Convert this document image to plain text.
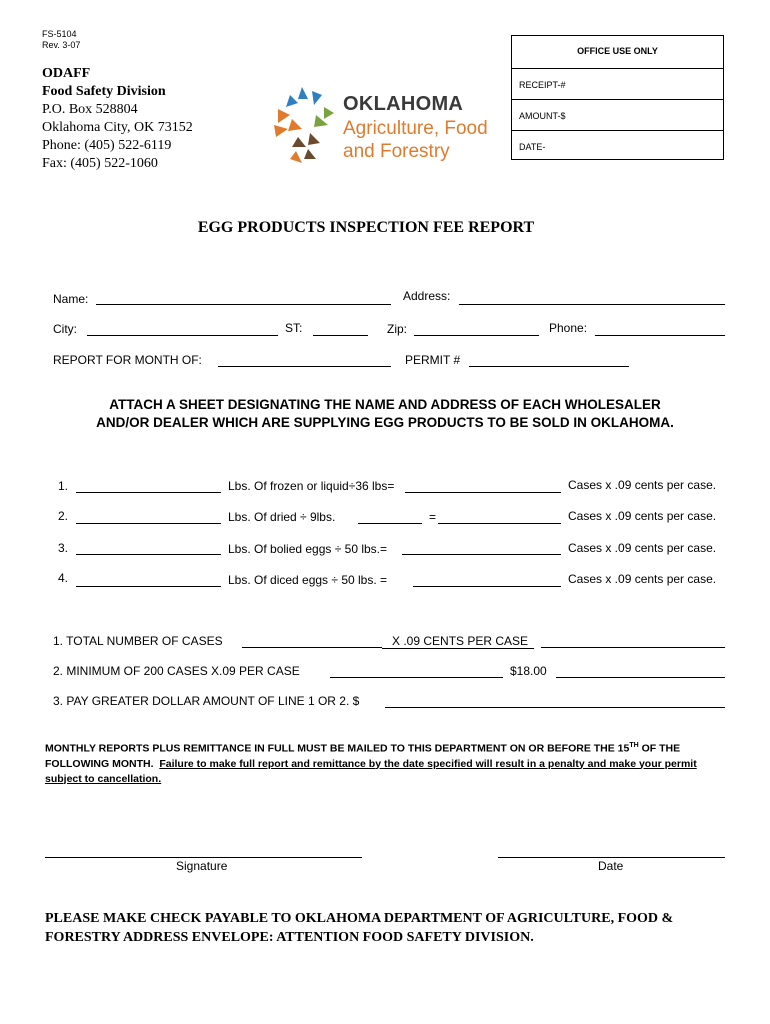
FS-5104
Rev. 3-07
OFFICE USE ONLY
RECEIPT-#
AMOUNT-$
DATE-
ODAFF
Food Safety Division
P.O. Box 528804
Oklahoma City, OK 73152
Phone: (405) 522-6119
Fax: (405) 522-1060
OKLAHOMA
Agriculture, Food
and Forestry
EGG PRODUCTS INSPECTION FEE REPORT
Name:	Address:
City:	ST:	Zip:	Phone:
REPORT FOR MONTH OF:	PERMIT #
ATTACH A SHEET DESIGNATING THE NAME AND ADDRESS OF EACH WHOLESALER
AND/OR DEALER WHICH ARE SUPPLYING EGG PRODUCTS TO BE SOLD IN OKLAHOMA.
1.	Lbs. Of frozen or liquid÷36 lbs=	Cases x .09 cents per case.
2.	Lbs. Of dried ÷ 9lbs.	=	Cases x .09 cents per case.
3.	Lbs. Of bolied eggs ÷ 50 lbs.=	Cases x .09 cents per case.
4.	Lbs. Of diced eggs ÷ 50 lbs. =	Cases x .09 cents per case.
1. TOTAL NUMBER OF CASES	X .09 CENTS PER CASE
2. MINIMUM OF 200 CASES X.09 PER CASE	$18.00
3. PAY GREATER DOLLAR AMOUNT OF LINE 1 OR 2. $
MONTHLY REPORTS PLUS REMITTANCE IN FULL MUST BE MAILED TO THIS DEPARTMENT ON OR BEFORE THE 15TH OF THE FOLLOWING MONTH. Failure to make full report and remittance by the date specified will result in a penalty and make your permit subject to cancellation.
Signature	Date
PLEASE MAKE CHECK PAYABLE TO OKLAHOMA DEPARTMENT OF AGRICULTURE, FOOD & FORESTRY ADDRESS ENVELOPE: ATTENTION FOOD SAFETY DIVISION.
